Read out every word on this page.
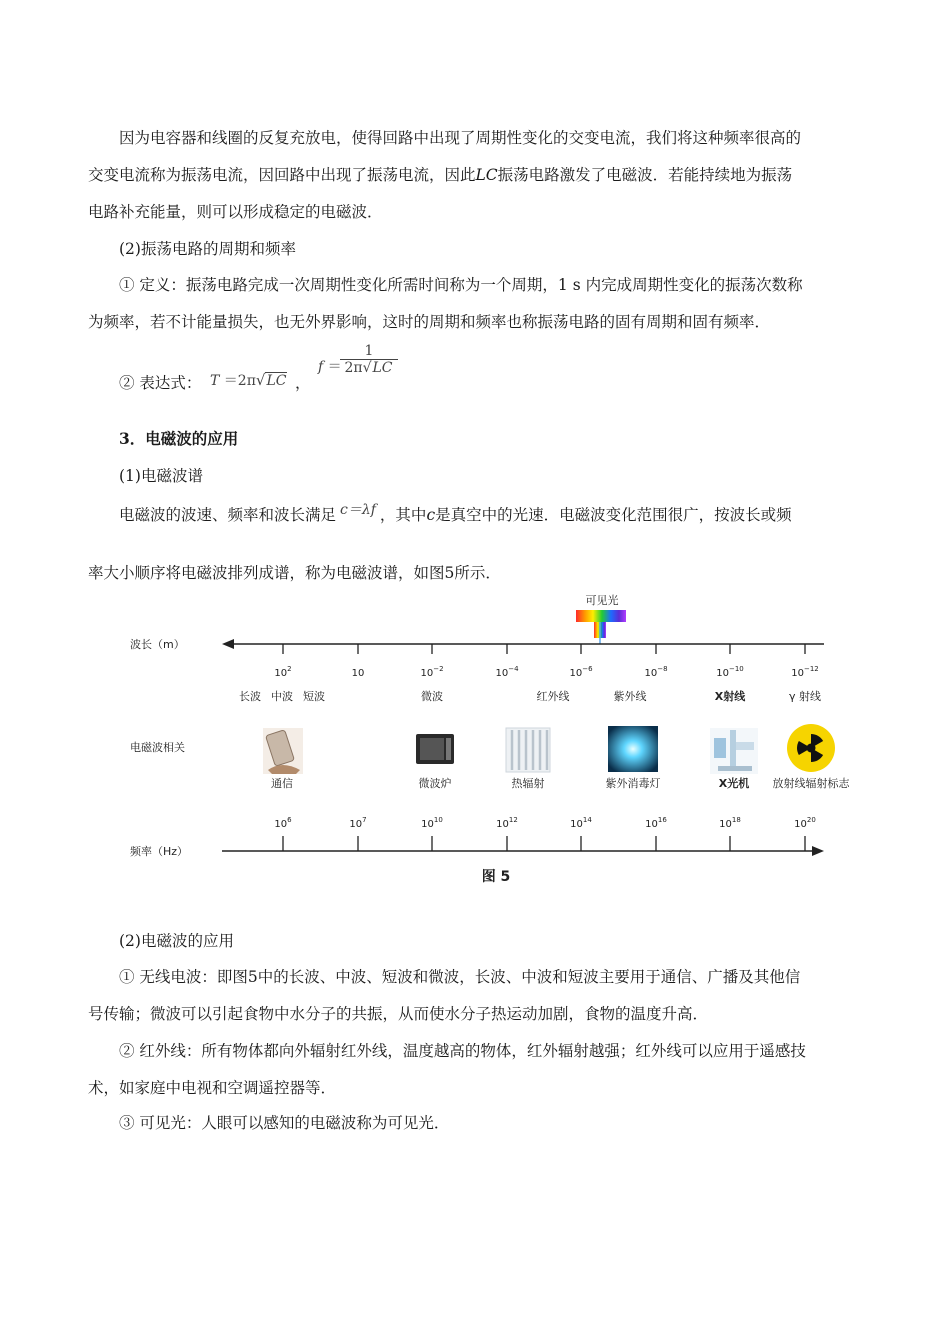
因为电容器和线圈的反复充放电，使得回路中出现了周期性变化的交变电流，我们将这种频率很高的
交变电流称为振荡电流，因回路中出现了振荡电流，因此LC振荡电路激发了电磁波．若能持续地为振荡
电路补充能量，则可以形成稳定的电磁波．
(2)振荡电路的周期和频率
① 定义：振荡电路完成一次周期性变化所需时间称为一个周期，1 s 内完成周期性变化的振荡次数称
为频率，若不计能量损失，也无外界影响，这时的周期和频率也称振荡电路的固有周期和固有频率．
② 表达式： T ＝2π√LC ，
f ＝
$\frac{1}{2\pi√LC}$
3．电磁波的应用
(1)电磁波谱
电磁波的波速、频率和波长满足 c＝λf ，其中c是真空中的光速．电磁波变化范围很广，按波长或频
率大小顺序将电磁波排列成谱，称为电磁波谱，如图5所示．
可见光
波长（m）
$10^2$	10	$10^{-2}$	$10^{-4}$	$10^{-6}$	$10^{-8}$	$10^{-10}$	$10^{-12}$
长波 中波 短波	微波	红外线	紫外线	X射线	γ 射线
电磁波相关
通信	微波炉	热辐射	紫外消毒灯	X光机 放射线辐射标志
$10^6$	$10^7$	$10^{10}$	$10^{12}$	$10^{14}$	$10^{16}$	$10^{18}$	$10^{20}$
频率（Hz）
图 5
(2)电磁波的应用
① 无线电波：即图5中的长波、中波、短波和微波，长波、中波和短波主要用于通信、广播及其他信
号传输；微波可以引起食物中水分子的共振，从而使水分子热运动加剧，食物的温度升高．
② 红外线：所有物体都向外辐射红外线，温度越高的物体，红外辐射越强；红外线可以应用于遥感技
术，如家庭中电视和空调遥控器等．
③ 可见光：人眼可以感知的电磁波称为可见光．
